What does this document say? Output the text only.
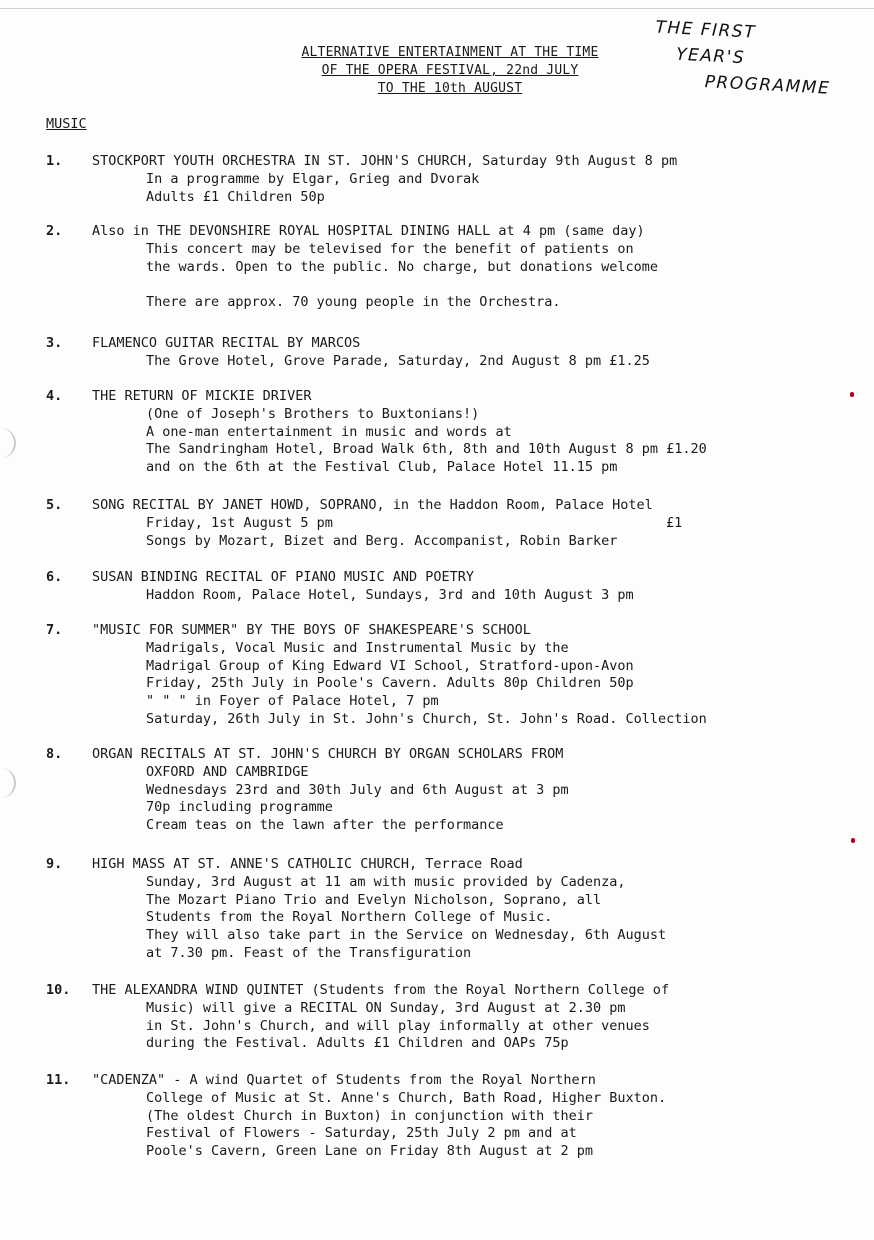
ALTERNATIVE ENTERTAINMENT AT THE TIME
OF THE OPERA FESTIVAL, 22nd JULY
TO THE 10th AUGUST
THE FIRST
YEAR'S
PROGRAMME
MUSIC
1. STOCKPORT YOUTH ORCHESTRA IN ST. JOHN'S CHURCH, Saturday 9th August 8 pm
In a programme by Elgar, Grieg and Dvorak
Adults £1 Children 50p
2. Also in THE DEVONSHIRE ROYAL HOSPITAL DINING HALL at 4 pm (same day)
This concert may be televised for the benefit of patients on
the wards. Open to the public. No charge, but donations welcome
There are approx. 70 young people in the Orchestra.
3. FLAMENCO GUITAR RECITAL BY MARCOS
The Grove Hotel, Grove Parade, Saturday, 2nd August 8 pm £1.25
4. THE RETURN OF MICKIE DRIVER
(One of Joseph's Brothers to Buxtonians!)
A one-man entertainment in music and words at
The Sandringham Hotel, Broad Walk 6th, 8th and 10th August 8 pm £1.20
and on the 6th at the Festival Club, Palace Hotel 11.15 pm
5. SONG RECITAL BY JANET HOWD, SOPRANO, in the Haddon Room, Palace Hotel
Friday, 1st August 5 pm
Songs by Mozart, Bizet and Berg. Accompanist, Robin Barker
£1
6. SUSAN BINDING RECITAL OF PIANO MUSIC AND POETRY
Haddon Room, Palace Hotel, Sundays, 3rd and 10th August 3 pm
7. "MUSIC FOR SUMMER" BY THE BOYS OF SHAKESPEARE'S SCHOOL
Madrigals, Vocal Music and Instrumental Music by the
Madrigal Group of King Edward VI School, Stratford-upon-Avon
Friday, 25th July in Poole's Cavern. Adults 80p Children 50p
" " " in Foyer of Palace Hotel, 7 pm
Saturday, 26th July in St. John's Church, St. John's Road. Collection
8. ORGAN RECITALS AT ST. JOHN'S CHURCH BY ORGAN SCHOLARS FROM
OXFORD AND CAMBRIDGE
Wednesdays 23rd and 30th July and 6th August at 3 pm
70p including programme
Cream teas on the lawn after the performance
9. HIGH MASS AT ST. ANNE'S CATHOLIC CHURCH, Terrace Road
Sunday, 3rd August at 11 am with music provided by Cadenza,
The Mozart Piano Trio and Evelyn Nicholson, Soprano, all
Students from the Royal Northern College of Music.
They will also take part in the Service on Wednesday, 6th August
at 7.30 pm. Feast of the Transfiguration
10. THE ALEXANDRA WIND QUINTET (Students from the Royal Northern College of
Music) will give a RECITAL ON Sunday, 3rd August at 2.30 pm
in St. John's Church, and will play informally at other venues
during the Festival. Adults £1 Children and OAPs 75p
11. "CADENZA" - A wind Quartet of Students from the Royal Northern
College of Music at St. Anne's Church, Bath Road, Higher Buxton.
(The oldest Church in Buxton) in conjunction with their
Festival of Flowers - Saturday, 25th July 2 pm and at
Poole's Cavern, Green Lane on Friday 8th August at 2 pm
